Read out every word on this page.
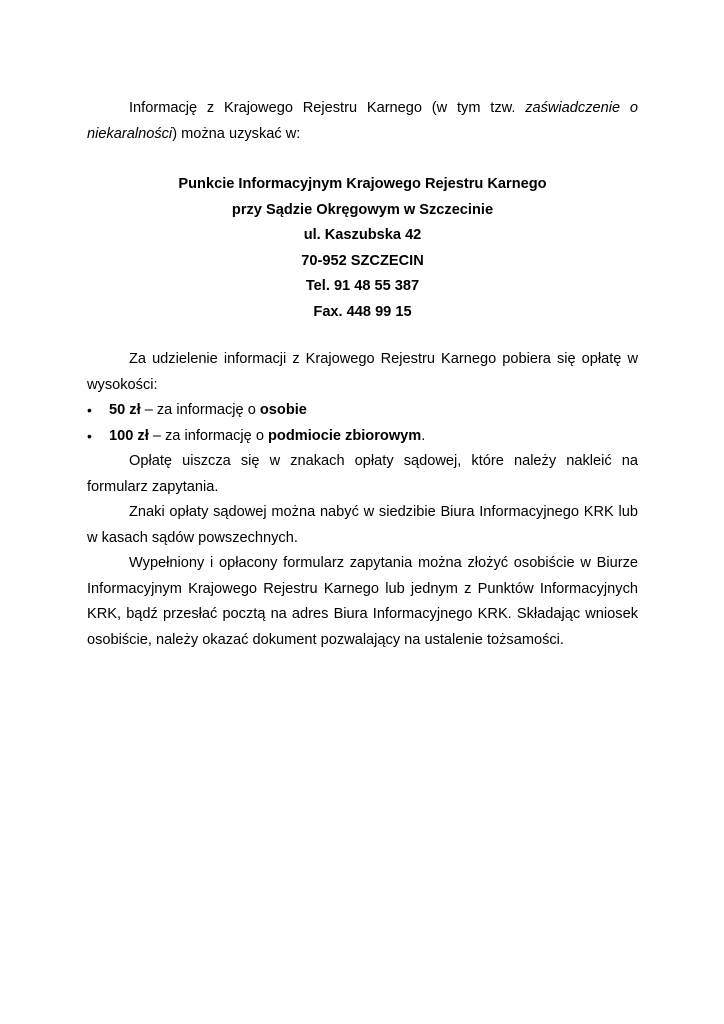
Informację z Krajowego Rejestru Karnego (w tym tzw. zaświadczenie o niekaralności) można uzyskać w:

Punkcie Informacyjnym Krajowego Rejestru Karnego

przy Sądzie Okręgowym w Szczecinie

ul. Kaszubska 42

70-952 SZCZECIN

Tel. 91 48 55 387

Fax. 448 99 15

Za udzielenie informacji z Krajowego Rejestru Karnego pobiera się opłatę w wysokości:

• 50 zł – za informację o osobie
• 100 zł – za informację o podmiocie zbiorowym.

Opłatę uiszcza się w znakach opłaty sądowej, które należy nakleić na formularz zapytania.

Znaki opłaty sądowej można nabyć w siedzibie Biura Informacyjnego KRK lub w kasach sądów powszechnych.

Wypełniony i opłacony formularz zapytania można złożyć osobiście w Biurze Informacyjnym Krajowego Rejestru Karnego lub jednym z Punktów Informacyjnych KRK, bądź przesłać pocztą na adres Biura Informacyjnego KRK. Składając wniosek osobiście, należy okazać dokument pozwalający na ustalenie tożsamości.
